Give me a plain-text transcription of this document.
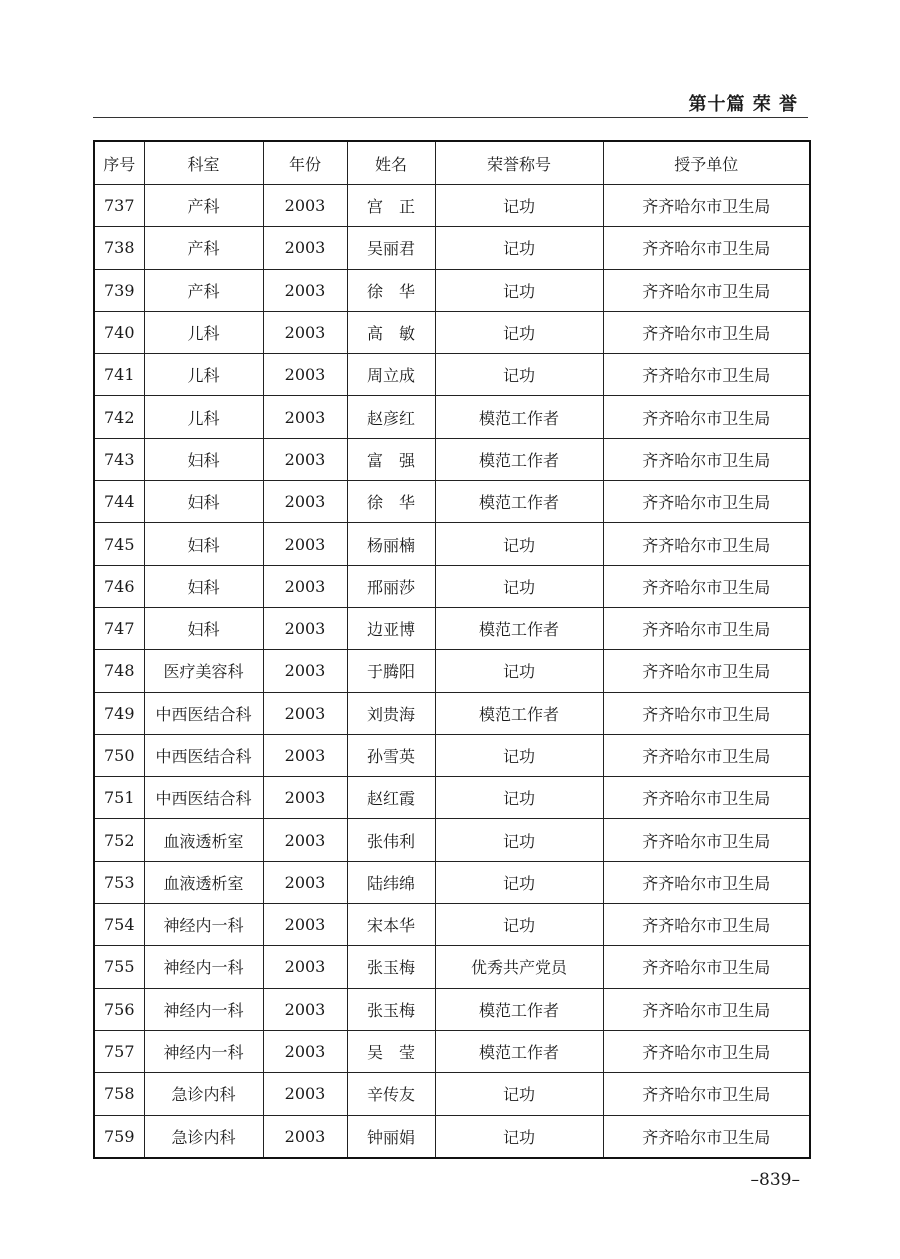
第十篇 荣 誉
序号	科室	年份	姓名	荣誉称号	授予单位
737	产科	2003	宫　正	记功	齐齐哈尔市卫生局
738	产科	2003	吴丽君	记功	齐齐哈尔市卫生局
739	产科	2003	徐　华	记功	齐齐哈尔市卫生局
740	儿科	2003	高　敏	记功	齐齐哈尔市卫生局
741	儿科	2003	周立成	记功	齐齐哈尔市卫生局
742	儿科	2003	赵彦红	模范工作者	齐齐哈尔市卫生局
743	妇科	2003	富　强	模范工作者	齐齐哈尔市卫生局
744	妇科	2003	徐　华	模范工作者	齐齐哈尔市卫生局
745	妇科	2003	杨丽楠	记功	齐齐哈尔市卫生局
746	妇科	2003	邢丽莎	记功	齐齐哈尔市卫生局
747	妇科	2003	边亚博	模范工作者	齐齐哈尔市卫生局
748	医疗美容科	2003	于腾阳	记功	齐齐哈尔市卫生局
749	中西医结合科	2003	刘贵海	模范工作者	齐齐哈尔市卫生局
750	中西医结合科	2003	孙雪英	记功	齐齐哈尔市卫生局
751	中西医结合科	2003	赵红霞	记功	齐齐哈尔市卫生局
752	血液透析室	2003	张伟利	记功	齐齐哈尔市卫生局
753	血液透析室	2003	陆纬绵	记功	齐齐哈尔市卫生局
754	神经内一科	2003	宋本华	记功	齐齐哈尔市卫生局
755	神经内一科	2003	张玉梅	优秀共产党员	齐齐哈尔市卫生局
756	神经内一科	2003	张玉梅	模范工作者	齐齐哈尔市卫生局
757	神经内一科	2003	吴　莹	模范工作者	齐齐哈尔市卫生局
758	急诊内科	2003	辛传友	记功	齐齐哈尔市卫生局
759	急诊内科	2003	钟丽娟	记功	齐齐哈尔市卫生局
–839–
